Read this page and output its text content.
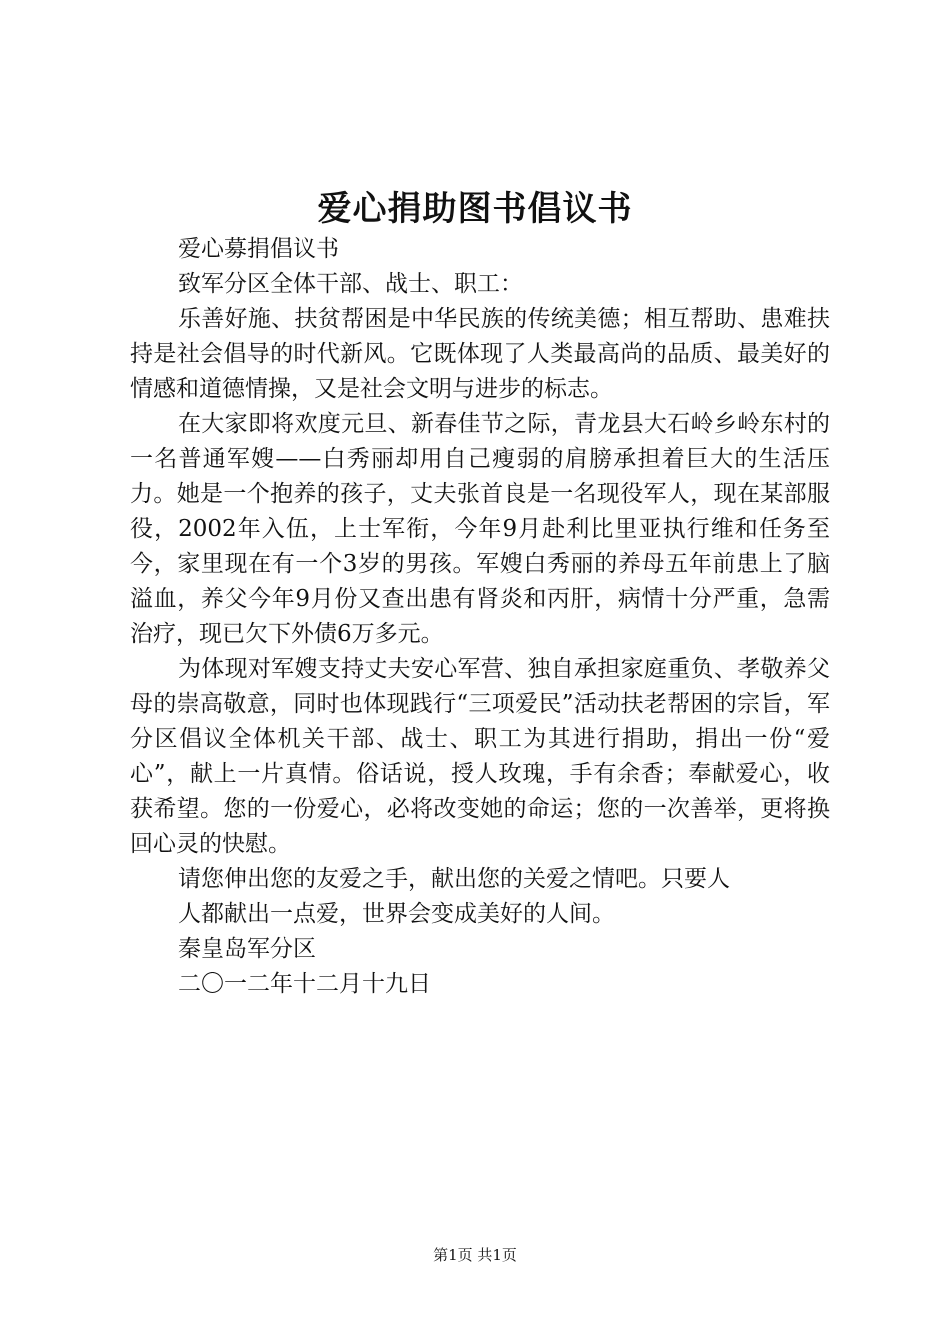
爱心捐助图书倡议书

爱心募捐倡议书

致军分区全体干部、战士、职工：

乐善好施、扶贫帮困是中华民族的传统美德；相互帮助、患难扶持是社会倡导的时代新风。它既体现了人类最高尚的品质、最美好的情感和道德情操，又是社会文明与进步的标志。

在大家即将欢度元旦、新春佳节之际，青龙县大石岭乡岭东村的一名普通军嫂——白秀丽却用自己瘦弱的肩膀承担着巨大的生活压力。她是一个抱养的孩子，丈夫张首良是一名现役军人，现在某部服役，2002年入伍，上士军衔，今年9月赴利比里亚执行维和任务至今，家里现在有一个3岁的男孩。军嫂白秀丽的养母五年前患上了脑溢血，养父今年9月份又查出患有肾炎和丙肝，病情十分严重，急需治疗，现已欠下外债6万多元。

为体现对军嫂支持丈夫安心军营、独自承担家庭重负、孝敬养父母的崇高敬意，同时也体现践行“三项爱民”活动扶老帮困的宗旨，军分区倡议全体机关干部、战士、职工为其进行捐助，捐出一份“爱心”，献上一片真情。俗话说，授人玫瑰，手有余香；奉献爱心，收获希望。您的一份爱心，必将改变她的命运；您的一次善举，更将换回心灵的快慰。

请您伸出您的友爱之手，献出您的关爱之情吧。只要人

人都献出一点爱，世界会变成美好的人间。

秦皇岛军分区

二〇一二年十二月十九日

第1页 共1页
